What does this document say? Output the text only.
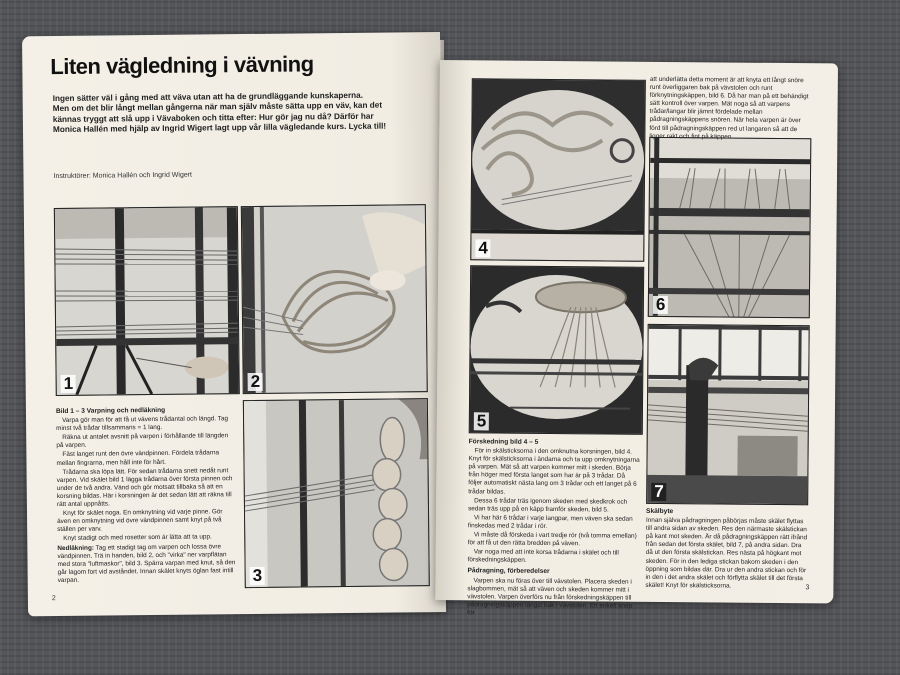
Liten vägledning i vävning

Ingen sätter väl i gång med att väva utan att ha de grundläggande kunskaperna.

Men om det blir långt mellan gångerna när man själv måste sätta upp en väv, kan det kännas tryggt att slå upp i Vävaboken och titta efter: Hur gör jag nu då? Därför har Monica Hallén med hjälp av Ingrid Wigert lagt upp vår lilla vägledande kurs. Lycka till!

Instruktörer: Monica Hallén och Ingrid Wigert
1	2
3
Bild 1 – 3 Varpning och nedläkning

Varpa gör man för att få ut vävens trådantal och längd. Tag minst två trådar tillsammans = 1 lang.

Räkna ut antalet avsnitt på varpen i förhållande till längden på varpen.

Fäst langet runt den övre vändpinnen. Fördela trådarna mellan fingrarna, men håll inte för hårt.

Trådarna ska löpa lätt. För sedan trådarna snett nedåt runt varpen. Vid skälet bild 1 lägga trådarna över första pinnen och under de två andra. Vänd och gör motsatt tillbaka så att en korsning bildas. Här i korsningen är det sedan lätt att räkna till rätt antal uppnåtts.

Knyt för skälet noga. En omknytning vid varje pinne. Gör även en omknytning vid övre vändpinnen samt knyt på två ställen per varv.

Knyt stadigt och med rosetter som är lätta att ta upp.

Nedläkning: Tag ett stadigt tag om varpen och lossa övre vändpinnen. Trä in handen, bild 2, och "virka" ner varpflätan med stora "luftmaskor", bild 3. Spärra varpan med knut, så den går lagom fort vid avståndet. Innan skälet knyts öglan fast intill varpan.

2
4
5
6
7

att underlätta detta moment är att knyta ett långt snöre runt överliggaren bak på vävstolen och runt förknytningskäppen, bild 6. Då har man på ett behändigt sätt kontroll över varpen. Mät noga så att varpens trådar/langar blir jämnt fördelade mellan pådragningskäppens snören. När hela varpen är över förd till pådragningskäppen red ut langaren så att de ligger rakt och fint på käppen.

Förskedning bild 4 – 5

För in skälsticksorna i den omknutna korsningen, bild 4. Knyt för skälsticksorna i ändarna och ta upp omknytningarna på varpen. Mät så att varpen kommer mitt i skeden. Börja från höger med första langet som har är på 3 trådar. Då följer automatiskt nästa lang om 3 trådar och ett langet på 6 trådar bildas.

Dessa 6 trådar träs igenom skeden med skedkrok och sedan träs upp på en käpp framför skeden, bild 5.

Vi har här 6 trådar i varje langpar, men väven ska sedan finskedas med 2 trådar i rör.

Vi måste då förskeda i vart tredje rör (två tomma emellan) för att få ut den rätta bredden på väven.

Var noga med att inte korsa trådarna i skälet och till förskedningskäppen.

Pådragning, förberedelser

Varpen ska nu föras över till vävstolen. Placera skeden i slagbommen, mät så att väven och skeden kommer mitt i vävstolen. Varpen överförs nu från förskedningskäppen till pådragningskäppen längst bak i vävstolen. Ett enkelt knep för

Skälbyte

Innan själva pådragningen påbörjas måste skälet flyttas till andra sidan av skeden. Res den närmaste skälstickan på kant mot skeden. Är då pådragningskäppen rätt ifrånd från sedan det första skälet, bild 7, på andra sidan. Dra då ut den första skälstickan. Res nästa på högkant mot skeden. För in den lediga stickan bakom skeden i den öppning som bildas där. Dra ur den andra stickan och för in den i det andra skälet och förflytta skälet till det första skälet! Knyt för skälsticksorna.	3
